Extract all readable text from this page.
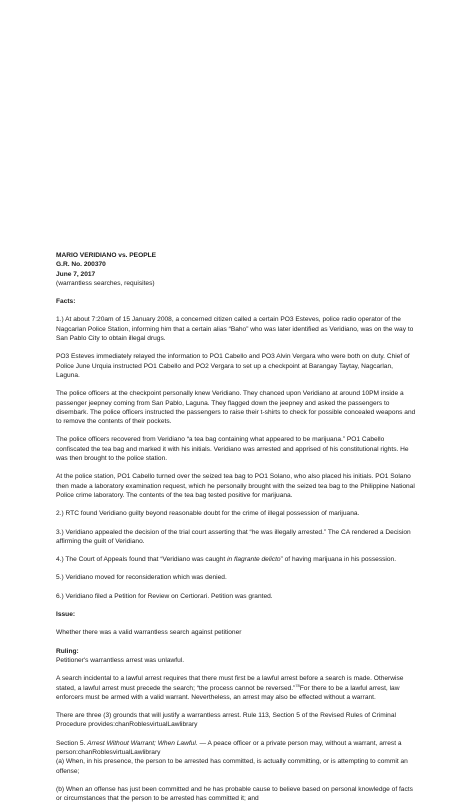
MARIO VERIDIANO vs. PEOPLE

G.R. No. 200370

June 7, 2017

(warrantless searches, requisites)

Facts:

1.) At about 7:20am of 15 January 2008, a concerned citizen called a certain PO3 Esteves, police radio operator of the Nagcarlan Police Station, informing him that a certain alias “Baho” who was later identified as Veridiano, was on the way to San Pablo City to obtain illegal drugs.

PO3 Esteves immediately relayed the information to PO1 Cabello and PO3 Alvin Vergara who were both on duty. Chief of Police June Urquia instructed PO1 Cabello and PO2 Vergara to set up a checkpoint at Barangay Taytay, Nagcarlan, Laguna.

The police officers at the checkpoint personally knew Veridiano. They chanced upon Veridiano at around 10PM inside a passenger jeepney coming from San Pablo, Laguna. They flagged down the jeepney and asked the passengers to disembark. The police officers instructed the passengers to raise their t-shirts to check for possible concealed weapons and to remove the contents of their pockets.

The police officers recovered from Veridiano “a tea bag containing what appeared to be marijuana.” PO1 Cabello confiscated the tea bag and marked it with his initials. Veridiano was arrested and apprised of his constitutional rights. He was then brought to the police station.

At the police station, PO1 Cabello turned over the seized tea bag to PO1 Solano, who also placed his initials. PO1 Solano then made a laboratory examination request, which he personally brought with the seized tea bag to the Philippine National Police crime laboratory. The contents of the tea bag tested positive for marijuana.

2.) RTC found Veridiano guilty beyond reasonable doubt for the crime of illegal possession of marijuana.

3.) Veridiano appealed the decision of the trial court asserting that “he was illegally arrested.” The CA rendered a Decision affirming the guilt of Veridiano.

4.) The Court of Appeals found that “Veridiano was caught in flagrante delicto” of having marijuana in his possession.

5.) Veridiano moved for reconsideration which was denied.

6.) Veridiano filed a Petition for Review on Certiorari. Petition was granted.

Issue:

Whether there was a valid warrantless search against petitioner

Ruling:

Petitioner's warrantless arrest was unlawful.

A search incidental to a lawful arrest requires that there must first be a lawful arrest before a search is made. Otherwise stated, a lawful arrest must precede the search; “the process cannot be reversed.”$^{78}$For there to be a lawful arrest, law enforcers must be armed with a valid warrant. Nevertheless, an arrest may also be effected without a warrant.

There are three (3) grounds that will justify a warrantless arrest. Rule 113, Section 5 of the Revised Rules of Criminal Procedure provides:chanRoblesvirtualLawlibrary

Section 5. Arrest Without Warrant; When Lawful. — A peace officer or a private person may, without a warrant, arrest a person:chanRoblesvirtualLawlibrary
(a) When, in his presence, the person to be arrested has committed, is actually committing, or is attempting to commit an offense;

(b) When an offense has just been committed and he has probable cause to believe based on personal knowledge of facts or circumstances that the person to be arrested has committed it; and
